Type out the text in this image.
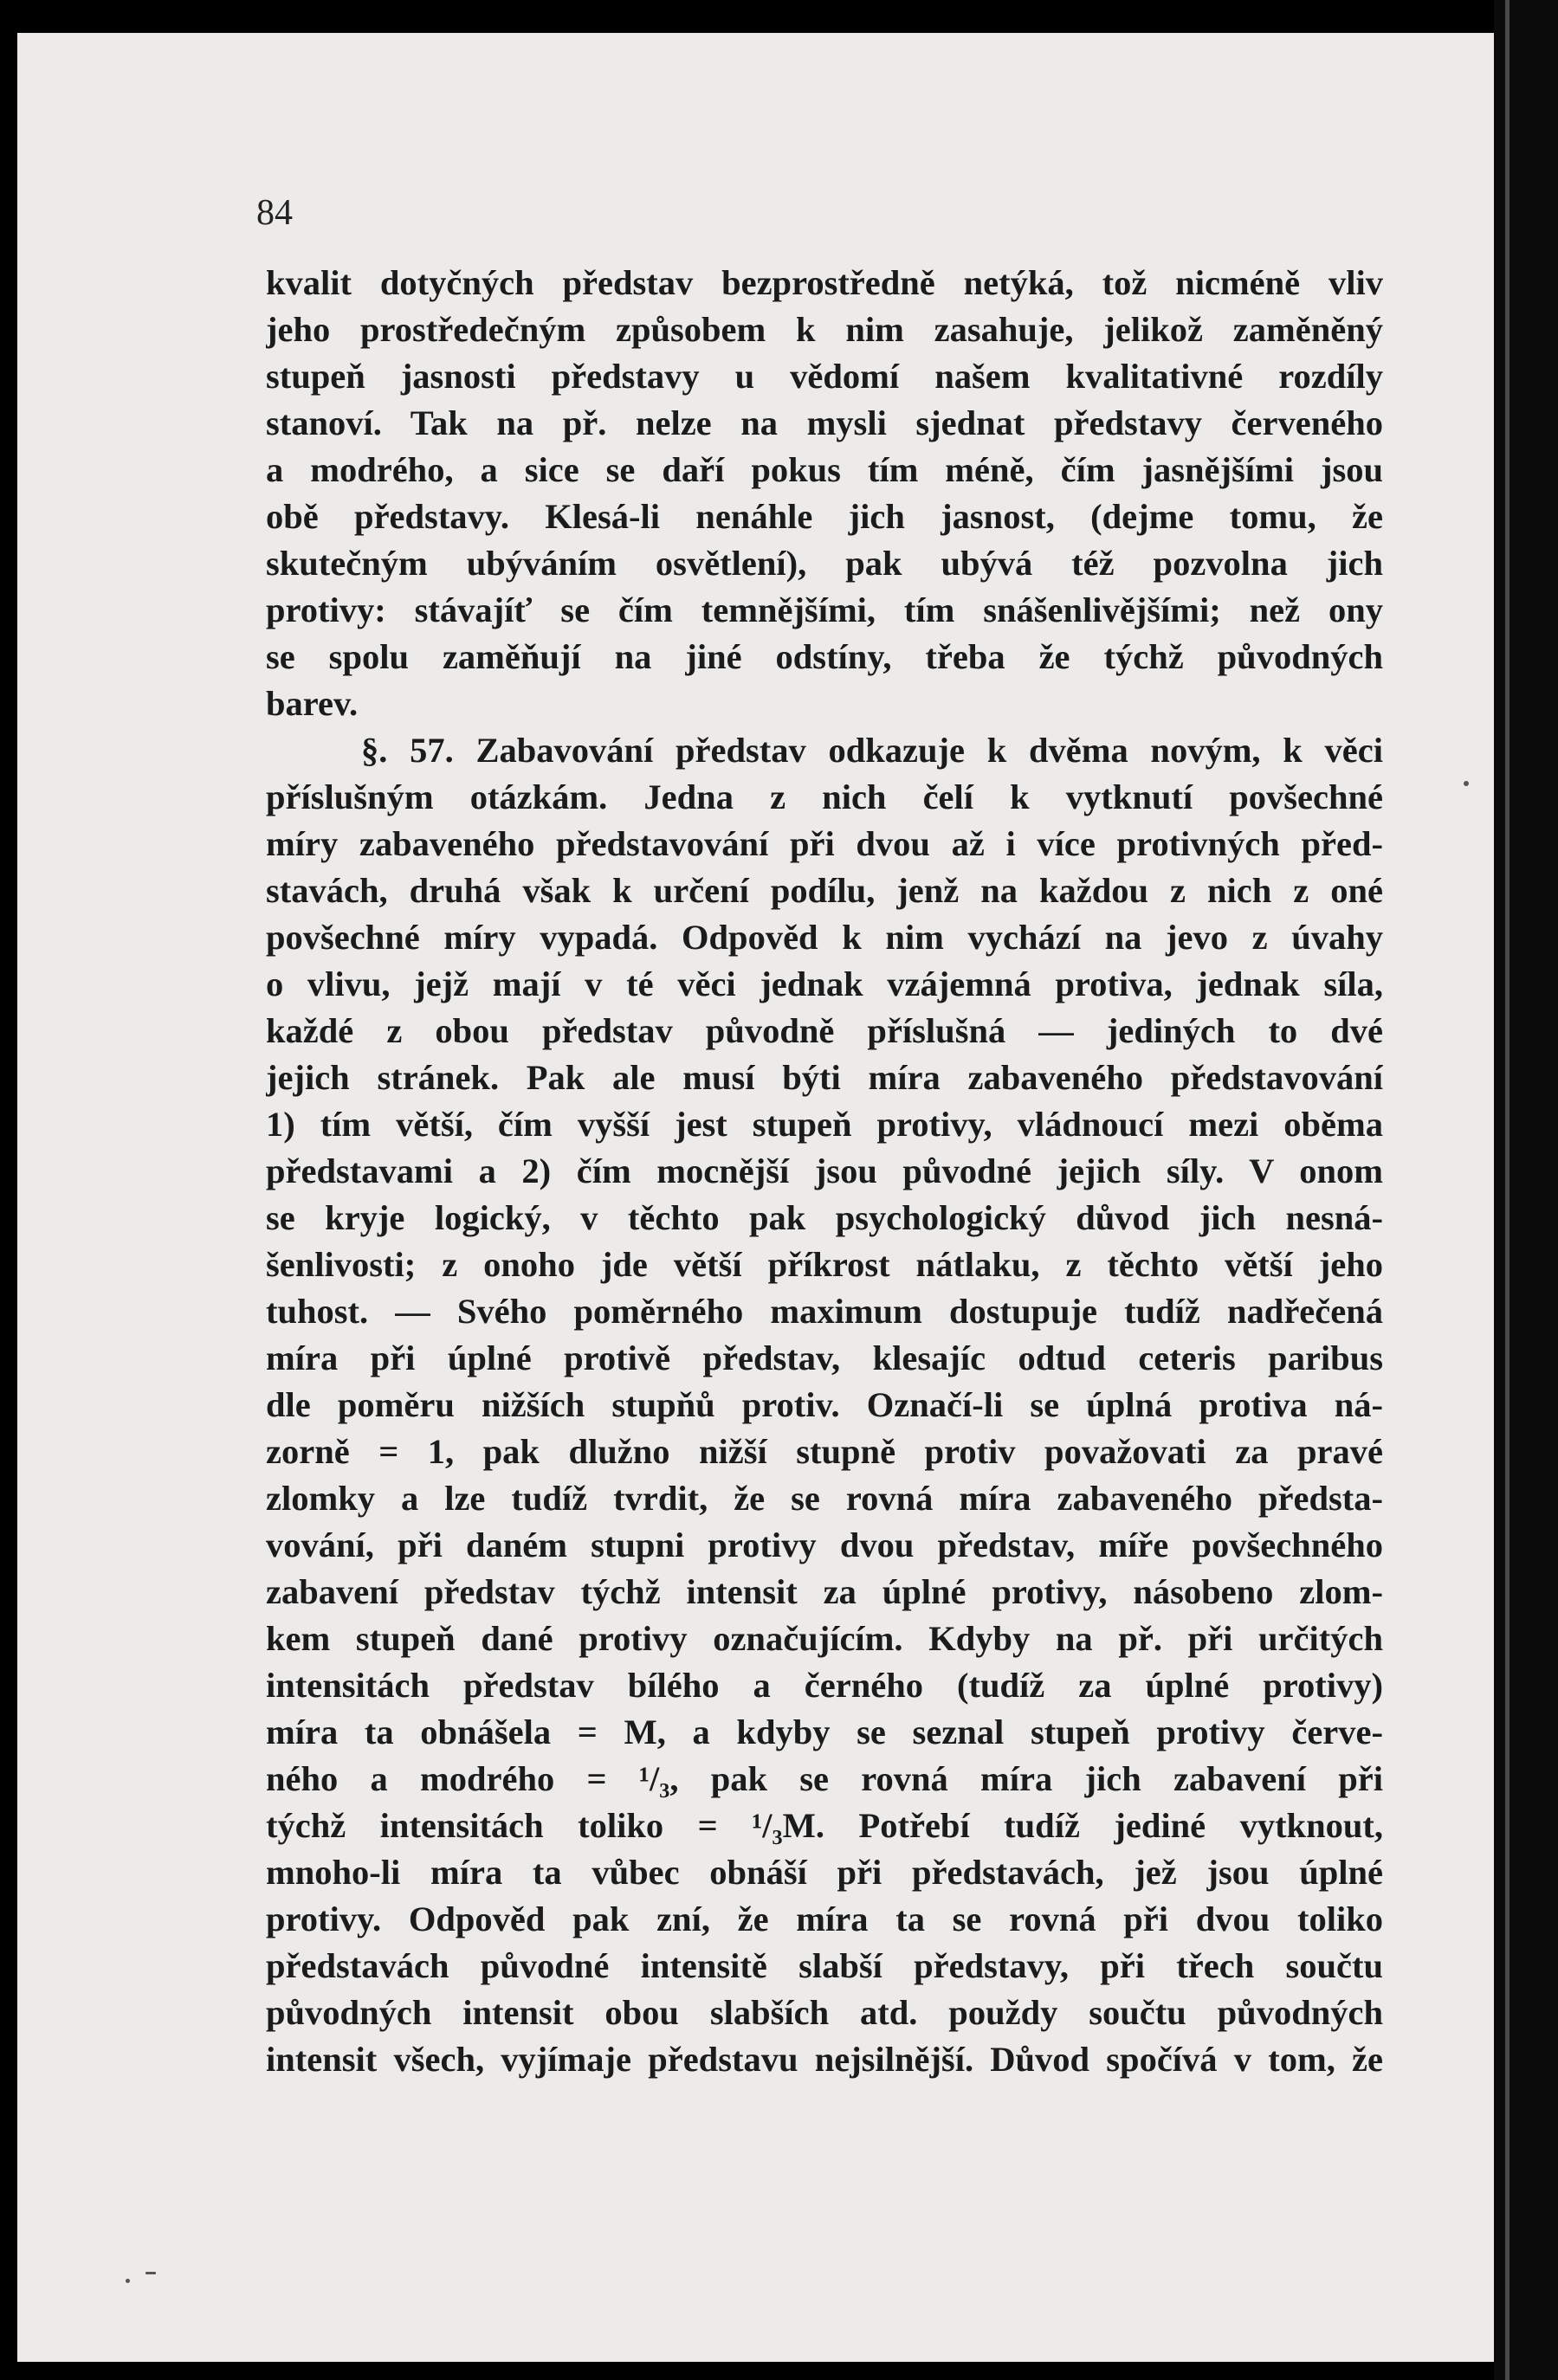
84
kvalit dotyčných představ bezprostředně netýká, tož nicméně vliv
jeho prostředečným způsobem k nim zasahuje, jelikož zaměněný
stupeň jasnosti představy u vědomí našem kvalitativné rozdíly
stanoví. Tak na př. nelze na mysli sjednat představy červeného
a modrého, a sice se daří pokus tím méně, čím jasnějšími jsou
obě představy. Klesá-li nenáhle jich jasnost, (dejme tomu, že
skutečným ubýváním osvětlení), pak ubývá též pozvolna jich
protivy: stávajíť se čím temnějšími, tím snášenlivějšími; než ony
se spolu zaměňují na jiné odstíny, třeba že týchž původných
barev.
§. 57. Zabavování představ odkazuje k dvěma novým, k věci
příslušným otázkám. Jedna z nich čelí k vytknutí povšechné
míry zabaveného představování při dvou až i více protivných před-
stavách, druhá však k určení podílu, jenž na každou z nich z oné
povšechné míry vypadá. Odpověd k nim vychází na jevo z úvahy
o vlivu, jejž mají v té věci jednak vzájemná protiva, jednak síla,
každé z obou představ původně příslušná — jediných to dvé
jejich stránek. Pak ale musí býti míra zabaveného představování
1) tím větší, čím vyšší jest stupeň protivy, vládnoucí mezi oběma
představami a 2) čím mocnější jsou původné jejich síly. V onom
se kryje logický, v těchto pak psychologický důvod jich nesná-
šenlivosti; z onoho jde větší příkrost nátlaku, z těchto větší jeho
tuhost. — Svého poměrného maximum dostupuje tudíž nadřečená
míra při úplné protivě představ, klesajíc odtud ceteris paribus
dle poměru nižších stupňů protiv. Označí-li se úplná protiva ná-
zorně = 1, pak dlužno nižší stupně protiv považovati za pravé
zlomky a lze tudíž tvrdit, že se rovná míra zabaveného předsta-
vování, při daném stupni protivy dvou představ, míře povšechného
zabavení představ týchž intensit za úplné protivy, násobeno zlom-
kem stupeň dané protivy označujícím. Kdyby na př. při určitých
intensitách představ bílého a černého (tudíž za úplné protivy)
míra ta obnášela = M, a kdyby se seznal stupeň protivy červe-
ného a modrého = ¹/₃, pak se rovná míra jich zabavení při
týchž intensitách toliko = ¹/₃M. Potřebí tudíž jediné vytknout,
mnoho-li míra ta vůbec obnáší při představách, jež jsou úplné
protivy. Odpověd pak zní, že míra ta se rovná při dvou toliko
představách původné intensitě slabší představy, při třech součtu
původných intensit obou slabších atd. použdy součtu původných
intensit všech, vyjímaje představu nejsilnější. Důvod spočívá v tom, že
